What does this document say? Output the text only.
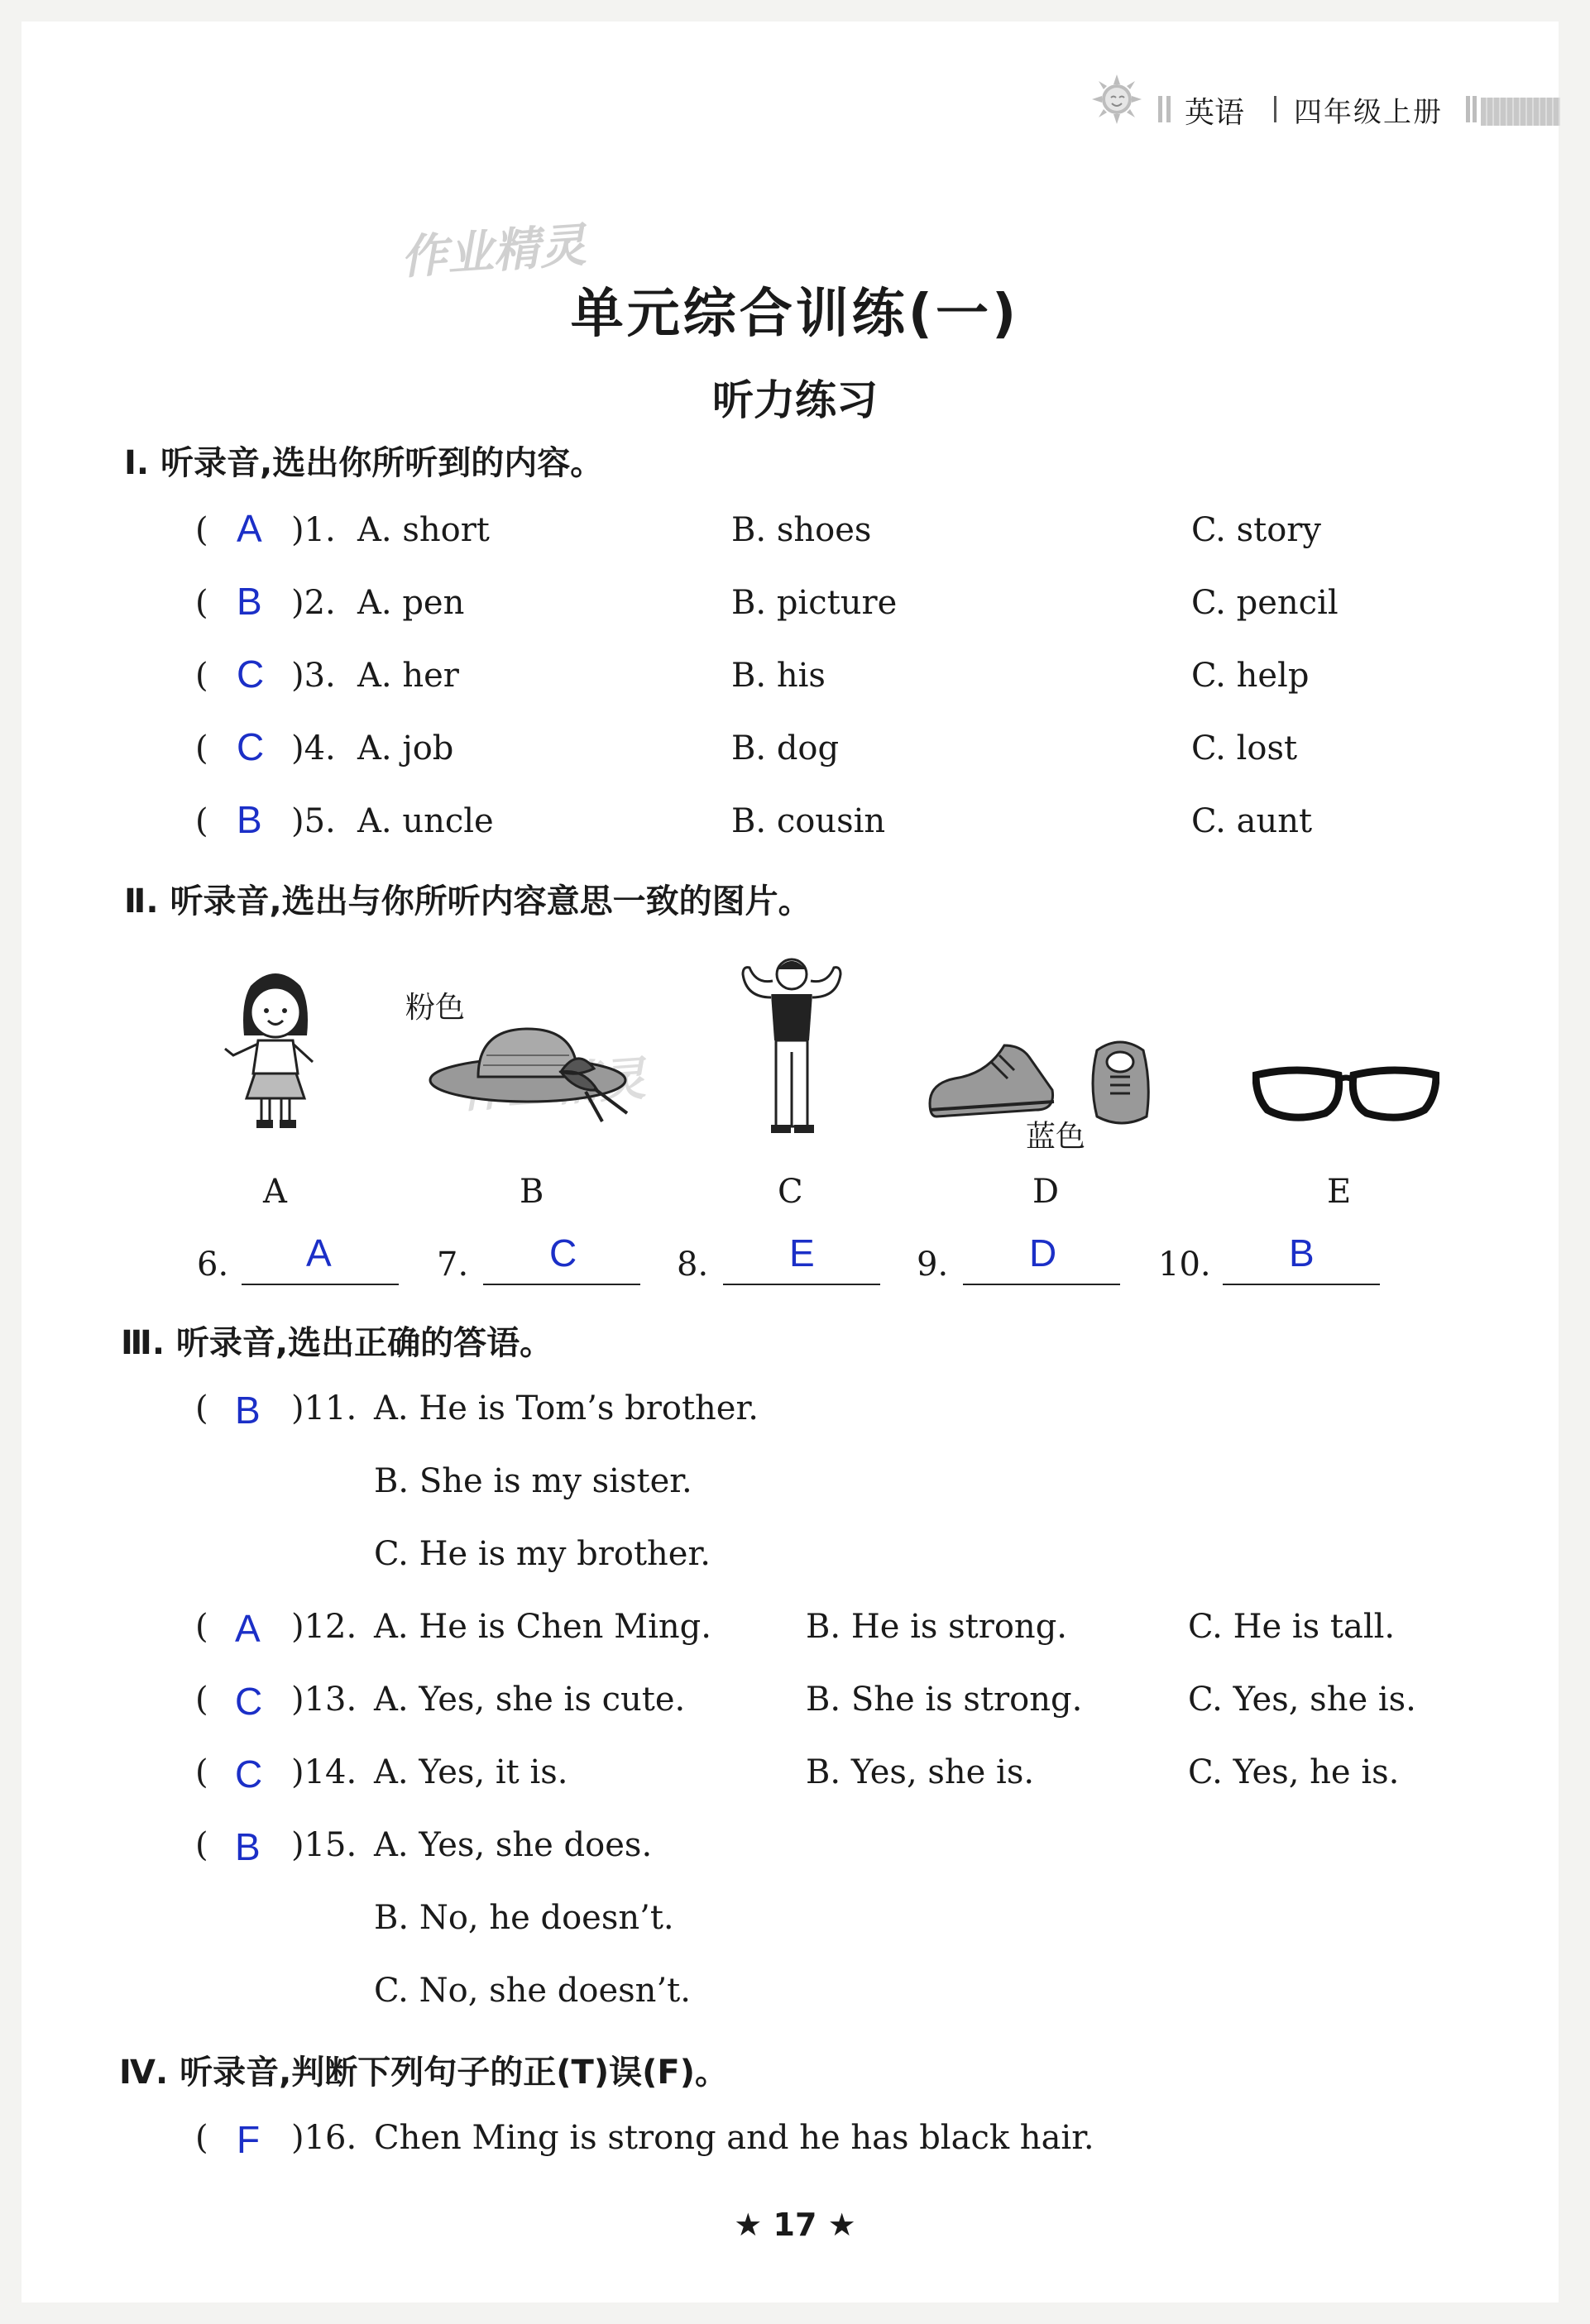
英语 四年级上册
作业精灵
单元综合训练(一)
听力练习
Ⅰ. 听录音,选出你所听到的内容。
( A )1. A. short	B. shoes	C. story
( B )2. A. pen	B. picture	C. pencil
( C )3. A. her	B. his	C. help
( C )4. A. job	B. dog	C. lost
( B )5. A. uncle	B. cousin	C. aunt
Ⅱ. 听录音,选出与你所听内容意思一致的图片。
A
粉色
B	C
蓝色
D	E
6. A	7. C	8. E	9. D	10. B
Ⅲ. 听录音,选出正确的答语。
( B )11. A. He is Tom’s brother.
B. She is my sister.
C. He is my brother.
( A )12. A. He is Chen Ming.	B. He is strong.	C. He is tall.
( C )13. A. Yes, she is cute.	B. She is strong.	C. Yes, she is.
( C )14. A. Yes, it is.	B. Yes, she is.	C. Yes, he is.
( B )15. A. Yes, she does.
B. No, he doesn’t.
C. No, she doesn’t.
Ⅳ. 听录音,判断下列句子的正(T)误(F)。
( F )16. Chen Ming is strong and he has black hair.
★ 17 ★
